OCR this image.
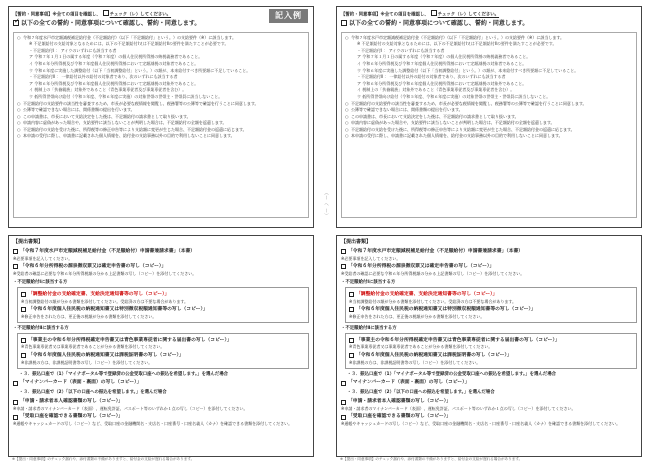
記入例
【誓約・同意事項】※全ての項目を確認し、 チェック（レ）してください。
✓ 以下の全ての誓約・同意事項について確認し、誓約・同意します。
○ 令和７年度水戸市定額減税補足給付金（不足額給付）（以下「不足額給付」という。）の支給要件（※）に該当します。
※ 不足額給付の支給対象となるためには、以下の不足額給付Ⅰ又は不足額給付Ⅱの要件を満たすことが必要です。
・不足額給付Ⅰ ： アイウのいずれにも該当する者
ア 令和７年１月１日の属する年度（令和７年度）の個人住民税所得割の納税義務者であること。
イ 令和６年分所得税及び令和７年度個人住民税所得割において定額減税の対象者であること。
ウ 令和６年度に実施した調整給付（以下「当初調整給付」という。）の額が、本来給付すべき所要額に不足していること。
・不足額給付Ⅱ ： 一律給付以外の給付の対象者であり、次のいずれにも該当する者
ア 令和６年分所得税及び令和６年度個人住民税所得割において定額減税の対象外であること。
イ 税制上の「扶養親族」対象外であること（青色事業専従者及び事業専従者を含む）。
ウ 低所得世帯向け給付（令和５年度、令和６年度に実施）の対象世帯の世帯主・世帯員に該当しないこと。
○ 不足額給付の支給要件の該当性を審査するため、市長が必要な税情報を閲覧し、税務署等の公簿等で確認を行うことに同意します。
○ 公簿等で確認できない場合には、関係書類の提出を行います。
○ この申請書は、市長において支給決定をした後は、不足額給付の請求書として取り扱います。
○ 申請内容に虚偽があった場合や、支給要件に該当しないことが判明した場合は、不足額給付の全額を返還します。
○ 不足額給付の支給を受けた後に、所得税等の修正申告等により支給額に変更が生じた場合、不足額給付金の返還に応じます。
○ 本申請の受付に際し、申請書に記載された個人情報を、給付金の支給事務以外の目的で利用しないことに同意します。
【提出書類】
「令和７年度水戸市定額減税補足給付金（不足額給付）申請書兼請求書」（本書）
※必要事項を記入してください。
「令和６年分所得税の源泉徴収票又は確定申告書の写し（コピー）」
※受給者の確認に必要な令和６年分所得税額の分かる上記書類の写し（コピー）を添付してください。
・不足額給付Ⅰに該当する方
「調整給付金の支給確定書、支給決定通知書等の写し（コピー）」
※当初調整給付の額が分かる書類を添付してください。受給済の方は不要な場合があります。
「令和６年度個人住民税の納税通知書又は特別徴収税額通知書等の写し（コピー）」
※修正申告をされた方は、更正後の税額が分かる書類を添付してください。
・不足額給付Ⅱに該当する方
「事業主の令和６年分所得税確定申告書又は青色事業専従者に関する届出書の写し（コピー）」
※青色事業専従者又は事業専従者であることが分かる書類を添付してください。
「令和６年度個人住民税の納税通知書又は課税証明書の写し（コピー）」
※非課税の方は、非課税証明書等の写し（コピー）を添付してください。
・３．振込口座で（1）「マイナポータル等で登録済の公金受取口座への振込を希望します。」を選んだ場合
「マイナンバーカード（表面・裏面）の写し（コピー）」
・３．振込口座で（2）「以下の口座への振込を希望します。」を選んだ場合
「申請・請求者本人確認書類の写し（コピー）」
※申請・請求者のマイナンバーカード（表面）、運転免許証、パスポート等のいずれか１点の写し（コピー）を添付してください。
「受取口座を確認できる書類の写し（コピー）」
※通帳やキャッシュカードの写し（コピー）など、受取口座の金融機関名・支店名・口座番号・口座名義人（カナ）を確認できる書類を添付してください。
※【提出・同意事項】のチェック漏れや、添付書類の不備がありますと、給付金の支給が遅れる場合があります。
（ー ヘ ー）
【誓約・同意事項】※全ての項目を確認し、 チェック（レ）してください。
以下の全ての誓約・同意事項について確認し、誓約・同意します。
○ 令和７年度水戸市定額減税補足給付金（不足額給付）（以下「不足額給付」という。）の支給要件（※）に該当します。
※ 不足額給付の支給対象となるためには、以下の不足額給付Ⅰ又は不足額給付Ⅱの要件を満たすことが必要です。
・不足額給付Ⅰ ： アイウのいずれにも該当する者
ア 令和７年１月１日の属する年度（令和７年度）の個人住民税所得割の納税義務者であること。
イ 令和６年分所得税及び令和７年度個人住民税所得割において定額減税の対象者であること。
ウ 令和６年度に実施した調整給付（以下「当初調整給付」という。）の額が、本来給付すべき所要額に不足していること。
・不足額給付Ⅱ ： 一律給付以外の給付の対象者であり、次のいずれにも該当する者
ア 令和６年分所得税及び令和６年度個人住民税所得割において定額減税の対象外であること。
イ 税制上の「扶養親族」対象外であること（青色事業専従者及び事業専従者を含む）。
ウ 低所得世帯向け給付（令和５年度、令和６年度に実施）の対象世帯の世帯主・世帯員に該当しないこと。
○ 不足額給付の支給要件の該当性を審査するため、市長が必要な税情報を閲覧し、税務署等の公簿等で確認を行うことに同意します。
○ 公簿等で確認できない場合には、関係書類の提出を行います。
○ この申請書は、市長において支給決定をした後は、不足額給付の請求書として取り扱います。
○ 申請内容に虚偽があった場合や、支給要件に該当しないことが判明した場合は、不足額給付の全額を返還します。
○ 不足額給付の支給を受けた後に、所得税等の修正申告等により支給額に変更が生じた場合、不足額給付金の返還に応じます。
○ 本申請の受付に際し、申請書に記載された個人情報を、給付金の支給事務以外の目的で利用しないことに同意します。
【提出書類】
「令和７年度水戸市定額減税補足給付金（不足額給付）申請書兼請求書」（本書）
※必要事項を記入してください。
「令和６年分所得税の源泉徴収票又は確定申告書の写し（コピー）」
※受給者の確認に必要な令和６年分所得税額の分かる上記書類の写し（コピー）を添付してください。
・不足額給付Ⅰに該当する方
「調整給付金の支給確定書、支給決定通知書等の写し（コピー）」
※当初調整給付の額が分かる書類を添付してください。受給済の方は不要な場合があります。
「令和６年度個人住民税の納税通知書又は特別徴収税額通知書等の写し（コピー）」
※修正申告をされた方は、更正後の税額が分かる書類を添付してください。
・不足額給付Ⅱに該当する方
「事業主の令和６年分所得税確定申告書又は青色事業専従者に関する届出書の写し（コピー）」
※青色事業専従者又は事業専従者であることが分かる書類を添付してください。
「令和６年度個人住民税の納税通知書又は課税証明書の写し（コピー）」
※非課税の方は、非課税証明書等の写し（コピー）を添付してください。
・３．振込口座で（1）「マイナポータル等で登録済の公金受取口座への振込を希望します。」を選んだ場合
「マイナンバーカード（表面・裏面）の写し（コピー）」
・３．振込口座で（2）「以下の口座への振込を希望します。」を選んだ場合
「申請・請求者本人確認書類の写し（コピー）」
※申請・請求者のマイナンバーカード（表面）、運転免許証、パスポート等のいずれか１点の写し（コピー）を添付してください。
「受取口座を確認できる書類の写し（コピー）」
※通帳やキャッシュカードの写し（コピー）など、受取口座の金融機関名・支店名・口座番号・口座名義人（カナ）を確認できる書類を添付してください。
※【提出・同意事項】のチェック漏れや、添付書類の不備がありますと、給付金の支給が遅れる場合があります。
